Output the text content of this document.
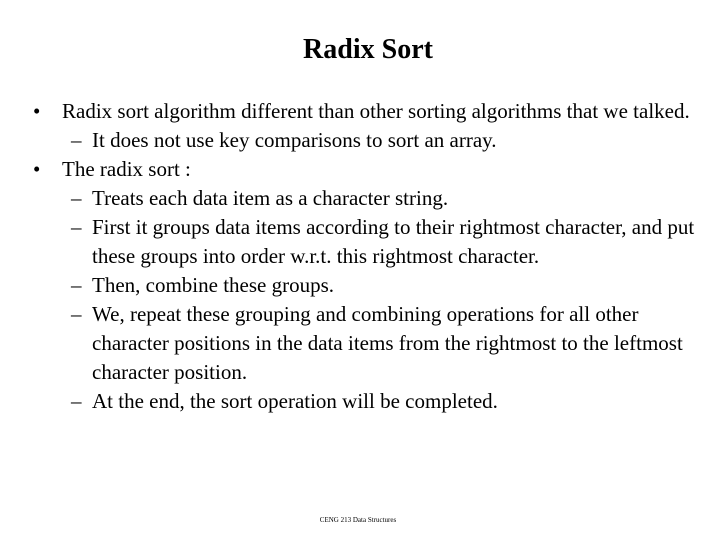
Radix Sort
• Radix sort algorithm different than other sorting algorithms that we talked.
– It does not use key comparisons to sort an array.
• The radix sort :
– Treats each data item as a character string.
– First it groups data items according to their rightmost character, and put these groups into order w.r.t. this rightmost character.
– Then, combine these groups.
– We, repeat these grouping and combining operations for all other character positions in the data items from the rightmost to the leftmost character position.
– At the end, the sort operation will be completed.
CENG 213 Data Structures
